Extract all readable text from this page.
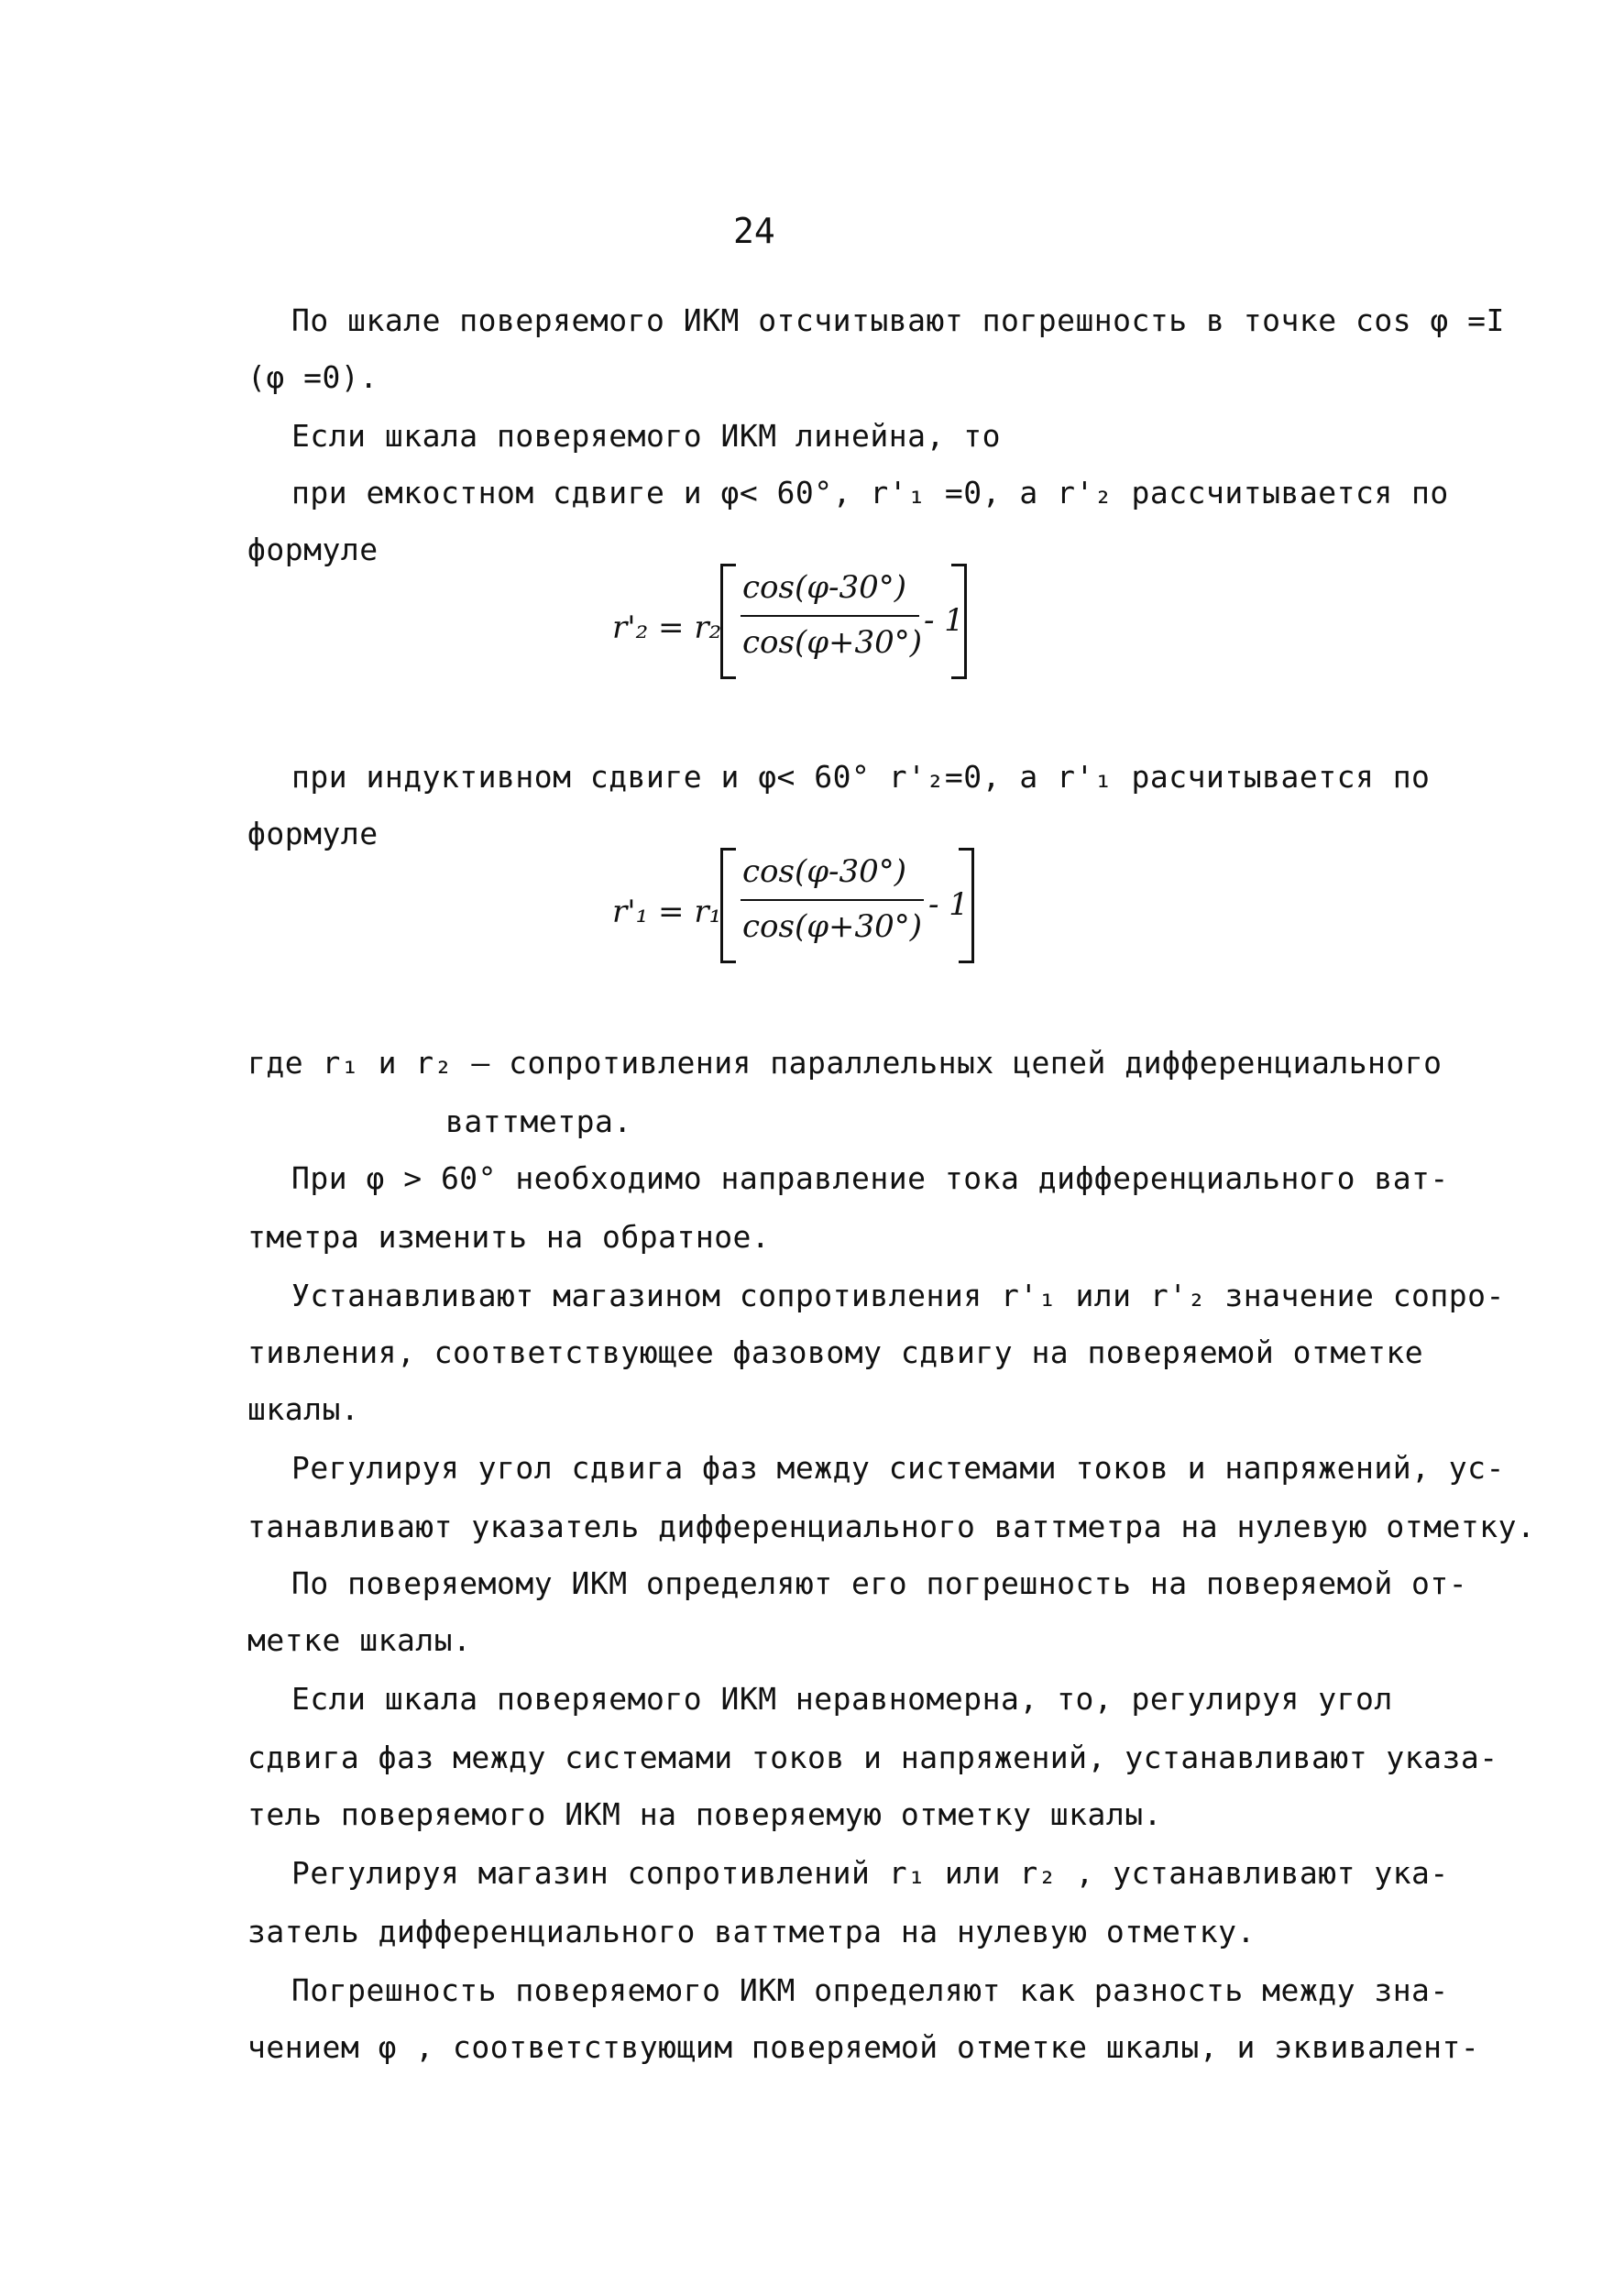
24
По шкале поверяемого ИКМ отсчитывают погрешность в точке cos φ =I
(φ =0).
Если шкала поверяемого ИКМ линейна, то
при емкостном сдвиге и φ< 60°, r'₁ =0, а r'₂ рассчитывается по
формуле
r'₂ = r₂
cos(φ-30°)
cos(φ+30°)
- 1
при индуктивном сдвиге и φ< 60° r'₂=0, а r'₁ расчитывается по
формуле
r'₁ = r₁
cos(φ-30°)
cos(φ+30°)
- 1
где r₁ и r₂ – сопротивления параллельных цепей дифференциального
ваттметра.
При φ > 60° необходимо направление тока дифференциального ват-
тметра изменить на обратное.
Устанавливают магазином сопротивления r'₁ или r'₂ значение сопро-
тивления, соответствующее фазовому сдвигу на поверяемой отметке
шкалы.
Регулируя угол сдвига фаз между системами токов и напряжений, ус-
танавливают указатель дифференциального ваттметра на нулевую отметку.
По поверяемому ИКМ определяют его погрешность на поверяемой от-
метке шкалы.
Если шкала поверяемого ИКМ неравномерна, то, регулируя угол
сдвига фаз между системами токов и напряжений, устанавливают указа-
тель поверяемого ИКМ на поверяемую отметку шкалы.
Регулируя магазин сопротивлений r₁ или r₂ , устанавливают ука-
затель дифференциального ваттметра на нулевую отметку.
Погрешность поверяемого ИКМ определяют как разность между зна-
чением φ , соответствующим поверяемой отметке шкалы, и эквивалент-
